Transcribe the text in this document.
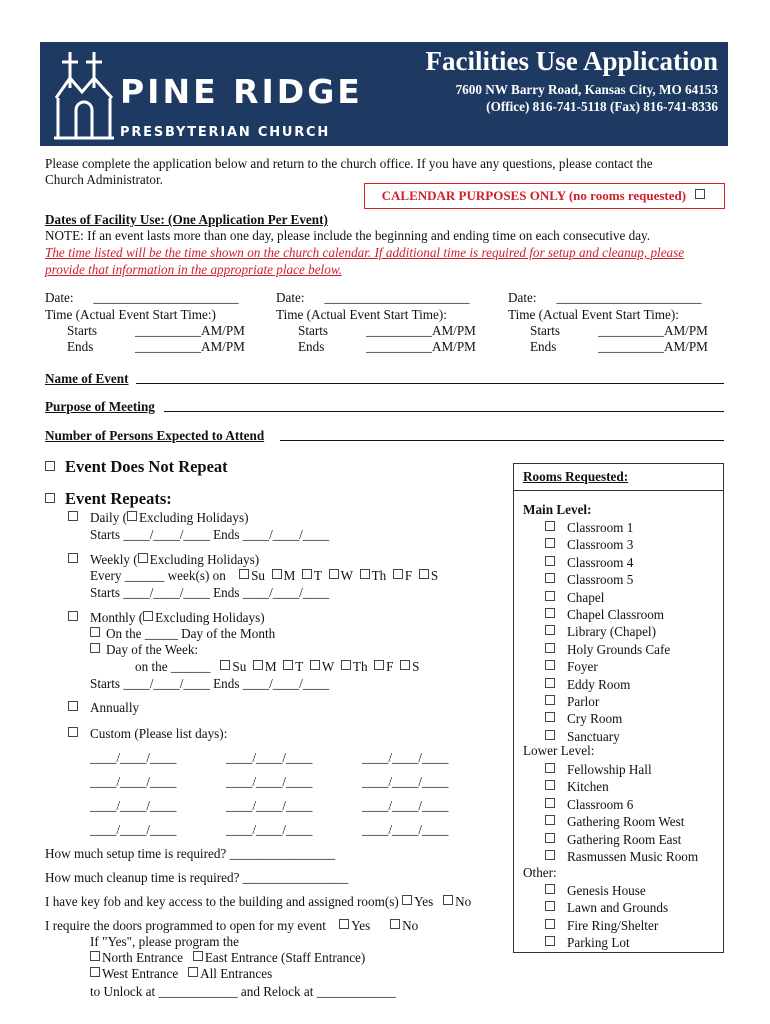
PINE RIDGE
PRESBYTERIAN CHURCH
Facilities Use Application
7600 NW Barry Road, Kansas City, MO 64153
(Office) 816-741-5118 (Fax) 816-741-8336
Please complete the application below and return to the church office. If you have any questions, please contact the
Church Administrator.
CALENDAR PURPOSES ONLY (no rooms requested)
Dates of Facility Use: (One Application Per Event)
NOTE: If an event lasts more than one day, please include the beginning and ending time on each consecutive day.
The time listed will be the time shown on the church calendar. If additional time is required for setup and cleanup, please
provide that information in the appropriate place below.
Date: ______________________
Time (Actual Event Start Time:)
Starts	__________AM/PM
Ends	__________AM/PM
Date: ______________________
Time (Actual Event Start Time):
Starts	__________AM/PM
Ends	__________AM/PM
Date: ______________________
Time (Actual Event Start Time):
Starts	__________AM/PM
Ends	__________AM/PM
Name of Event
Purpose of Meeting
Number of Persons Expected to Attend
Event Does Not Repeat
Event Repeats:
Daily ( Excluding Holidays)
Starts ____/____/____ Ends ____/____/____
Weekly ( Excluding Holidays)
Every ______ week(s) on Su M T W Th F S
Starts ____/____/____ Ends ____/____/____
Monthly ( Excluding Holidays)
On the _____ Day of the Month
Day of the Week:
on the ______ Su M T W Th F S
Starts ____/____/____ Ends ____/____/____
Annually
Custom (Please list days):
____/____/____	____/____/____	____/____/____
____/____/____	____/____/____	____/____/____
____/____/____	____/____/____	____/____/____
____/____/____	____/____/____	____/____/____
How much setup time is required? ________________
How much cleanup time is required? ________________
I have key fob and key access to the building and assigned room(s) Yes No
I require the doors programmed to open for my event Yes No
If "Yes", please program the
North Entrance East Entrance (Staff Entrance)
West Entrance All Entrances
to Unlock at ____________ and Relock at ____________
Rooms Requested:
Main Level:
Classroom 1
Classroom 3
Classroom 4
Classroom 5
Chapel
Chapel Classroom
Library (Chapel)
Holy Grounds Cafe
Foyer
Eddy Room
Parlor
Cry Room
Sanctuary
Lower Level:
Fellowship Hall
Kitchen
Classroom 6
Gathering Room West
Gathering Room East
Rasmussen Music Room
Other:
Genesis House
Lawn and Grounds
Fire Ring/Shelter
Parking Lot
